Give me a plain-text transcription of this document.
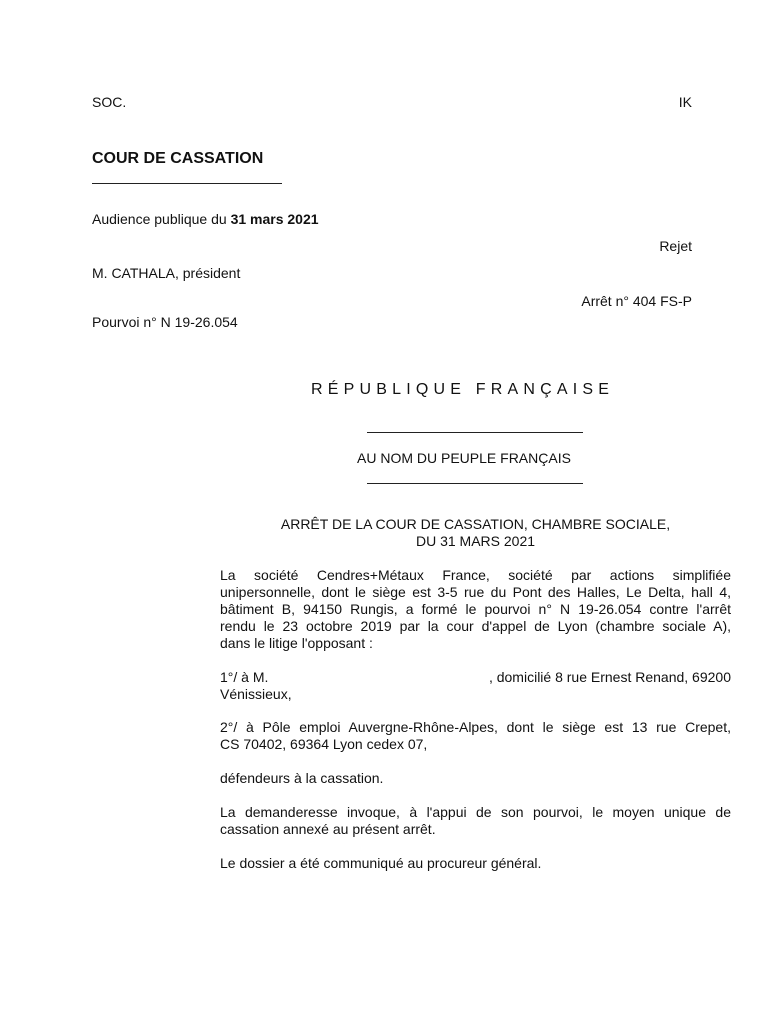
SOC.	IK
COUR DE CASSATION
Audience publique du 31 mars 2021
Rejet
M. CATHALA, président
Arrêt n° 404 FS-P
Pourvoi n° N 19-26.054
RÉPUBLIQUE FRANÇAISE
AU NOM DU PEUPLE FRANÇAIS
ARRÊT DE LA COUR DE CASSATION, CHAMBRE SOCIALE,
DU 31 MARS 2021
La société Cendres+Métaux France, société par actions simplifiée
unipersonnelle, dont le siège est 3-5 rue du Pont des Halles, Le Delta, hall 4,
bâtiment B, 94150 Rungis, a formé le pourvoi n° N 19-26.054 contre l'arrêt
rendu le 23 octobre 2019 par la cour d'appel de Lyon (chambre sociale A),
dans le litige l'opposant :
1°/ à M.	, domicilié 8 rue Ernest Renand, 69200
Vénissieux,
2°/ à Pôle emploi Auvergne-Rhône-Alpes, dont le siège est 13 rue Crepet,
CS 70402, 69364 Lyon cedex 07,
défendeurs à la cassation.
La demanderesse invoque, à l'appui de son pourvoi, le moyen unique de
cassation annexé au présent arrêt.
Le dossier a été communiqué au procureur général.
